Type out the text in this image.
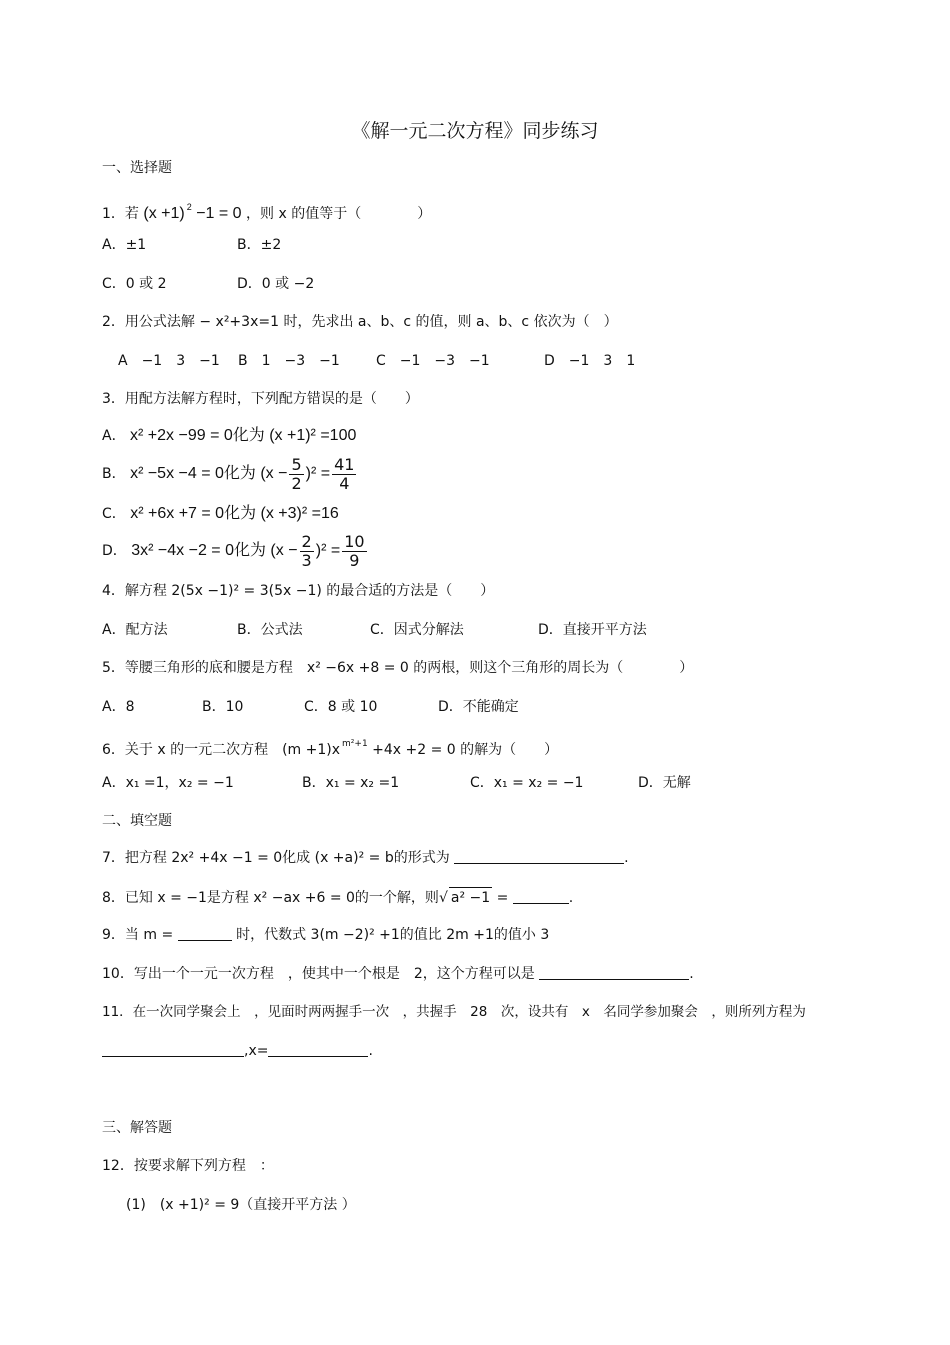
《解一元二次方程》同步练习
一、选择题
1．若 (x +1) $^2$ −1 = 0 ，则 x 的值等于（　　　　）
A．±1	B．±2
C．0 或 2	D．0 或 −2
2．用公式法解 − x²+3x=1 时，先求出 a、b、c 的值，则 a、b、c 依次为（　）
A　−1　3　−1 B　1　−3　−1	C　−1　−3　−1	D　−1　3　1
3．用配方法解方程时，下列配方错误的是（　　）
A． x² +2x −99 = 0化为 (x +1)² =100
B． x² −5x −4 = 0化为 $(x - \frac{5}{2} )^2 = \frac{41}{4}$
C． x² +6x +7 = 0化为 (x +3)² =16
D． 3x² −4x −2 = 0化为 $(x - \frac{2}{3} )^2 = \frac{10}{9}$
4．解方程 2(5x −1)² = 3(5x −1) 的最合适的方法是（　　）
A．配方法	B．公式法	C．因式分解法	D．直接开平方法
5．等腰三角形的底和腰是方程　x² −6x +8 = 0 的两根，则这个三角形的周长为（　　　　）
A．8	B．10	C．8 或 10	D．不能确定
6．关于 x 的一元二次方程　(m +1)x $^{m^2+1}$ +4x +2 = 0 的解为（　　）
A．x₁ =1，x₂ = −1	B．x₁ = x₂ =1	C．x₁ = x₂ = −1	D．无解
二、填空题
7．把方程 2x² +4x −1 = 0化成 (x +a)² = b的形式为	.
8．已知 x = −1是方程 x² −ax +6 = 0的一个解，则√ a² −1 =	.
9．当 m =	时，代数式 3(m −2)² +1的值比 2m +1的值小 3
10．写出一个一元一次方程　，使其中一个根是　2，这个方程可以是	.
11．在一次同学聚会上　，见面时两两握手一次　，共握手　28　次，设共有　x　名同学参加聚会　，则所列方程为
,x=	.
三、解答题
12．按要求解下列方程　：
(1)　(x +1)² = 9（直接开平方法 ）
